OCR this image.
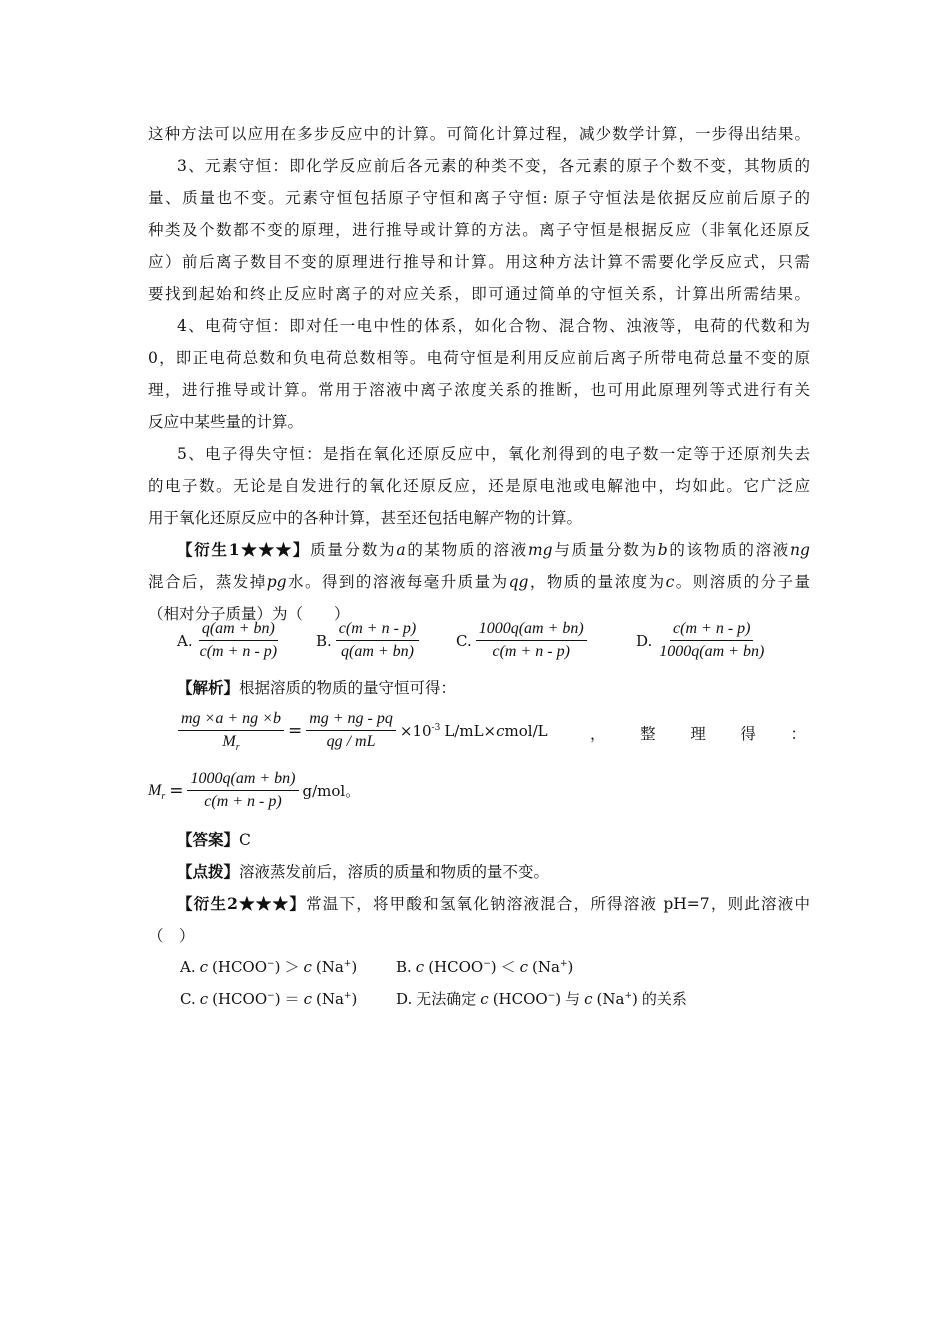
这种方法可以应用在多步反应中的计算。可简化计算过程，减少数学计算，一步得出结果。
3、元素守恒：即化学反应前后各元素的种类不变，各元素的原子个数不变，其物质的
量、质量也不变。元素守恒包括原子守恒和离子守恒: 原子守恒法是依据反应前后原子的
种类及个数都不变的原理，进行推导或计算的方法。离子守恒是根据反应（非氧化还原反
应）前后离子数目不变的原理进行推导和计算。用这种方法计算不需要化学反应式，只需
要找到起始和终止反应时离子的对应关系，即可通过简单的守恒关系，计算出所需结果。
4、电荷守恒：即对任一电中性的体系，如化合物、混合物、浊液等，电荷的代数和为
0，即正电荷总数和负电荷总数相等。电荷守恒是利用反应前后离子所带电荷总量不变的原
理，进行推导或计算。常用于溶液中离子浓度关系的推断，也可用此原理列等式进行有关
反应中某些量的计算。
5、电子得失守恒：是指在氧化还原反应中，氧化剂得到的电子数一定等于还原剂失去
的电子数。无论是自发进行的氧化还原反应，还是原电池或电解池中，均如此。它广泛应
用于氧化还原反应中的各种计算，甚至还包括电解产物的计算。
【衍生1★★★】质量分数为a的某物质的溶液mg与质量分数为b的该物质的溶液ng
混合后，蒸发掉pg水。得到的溶液每毫升质量为qg，物质的量浓度为c。则溶质的分子量
（相对分子质量）为（　　）
A. $\frac{q(am + bn)}{c(m + n - p)} B$. $\frac{c(m + n - p)}{q(am + bn)} C$. $\frac{1000q(am + bn)}{c(m + n - p)}$	D. $\frac{c(m + n - p)}{1000q(am + bn)}$
【解析】根据溶质的物质的量守恒可得：
$\frac{mg \times a + ng \times b}{M_r} = \frac{mg + ng - pq}{qg / mL} \times 10^{-3}$ L/mL×cmol/L	， 整 理 得 ：
$M_r = \frac{1000q(am + bn)}{c(m + n - p)} g/mol$。
【答案】C
【点拨】溶液蒸发前后，溶质的质量和物质的量不变。
【衍生2★★★】常温下，将甲酸和氢氧化钠溶液混合，所得溶液 pH=7，则此溶液中
（　）
A. c (HCOO−) ＞ c (Na+)	B. c (HCOO−) ＜ c (Na+)
C. c (HCOO−) ＝ c (Na+)	D. 无法确定 c (HCOO−) 与 c (Na+) 的关系
